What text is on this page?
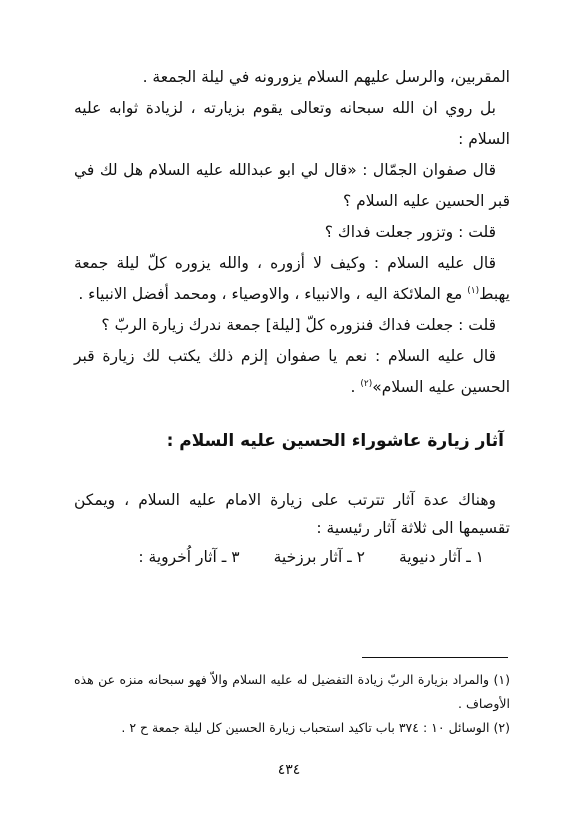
المقربين، والرسل عليهم السلام يزورونه في ليلة الجمعة .

بل روي ان الله سبحانه وتعالى يقوم بزيارته ، لزيادة ثوابه عليه السلام :

قال صفوان الجمّال : «قال لي ابو عبدالله عليه السلام هل لك في قبر الحسين عليه السلام ؟

قلت : وتزور جعلت فداك ؟

قال عليه السلام : وكيف لا أزوره ، والله يزوره كلّ ليلة جمعة يهبط$^{(١)}$ مع الملائكة اليه ، والانبياء ، والاوصياء ، ومحمد أفضل الانبياء .

قلت : جعلت فداك فنزوره كلّ [ليلة] جمعة ندرك زيارة الربّ ؟

قال عليه السلام : نعم يا صفوان إلزم ذلك يكتب لك زيارة قبر الحسين عليه السلام»$^{(٢)}$ .

آثار زيارة عاشوراء الحسين عليه السلام :

وهناك عدة آثار تترتب على زيارة الامام عليه السلام ، ويمكن تقسيمها الى ثلاثة آثار رئيسية :

١ ـ آثار دنيوية
٢ ـ آثار برزخية
٣ ـ آثار اُخروية :

(١) والمراد بزيارة الربّ زيادة التفضيل له عليه السلام والاّ فهو سبحانه منزه عن هذه الأوصاف .

(٢) الوسائل ١٠ : ٣٧٤ باب تاكيد استحباب زيارة الحسين كل ليلة جمعة ح ٢ .

٤٣٤
